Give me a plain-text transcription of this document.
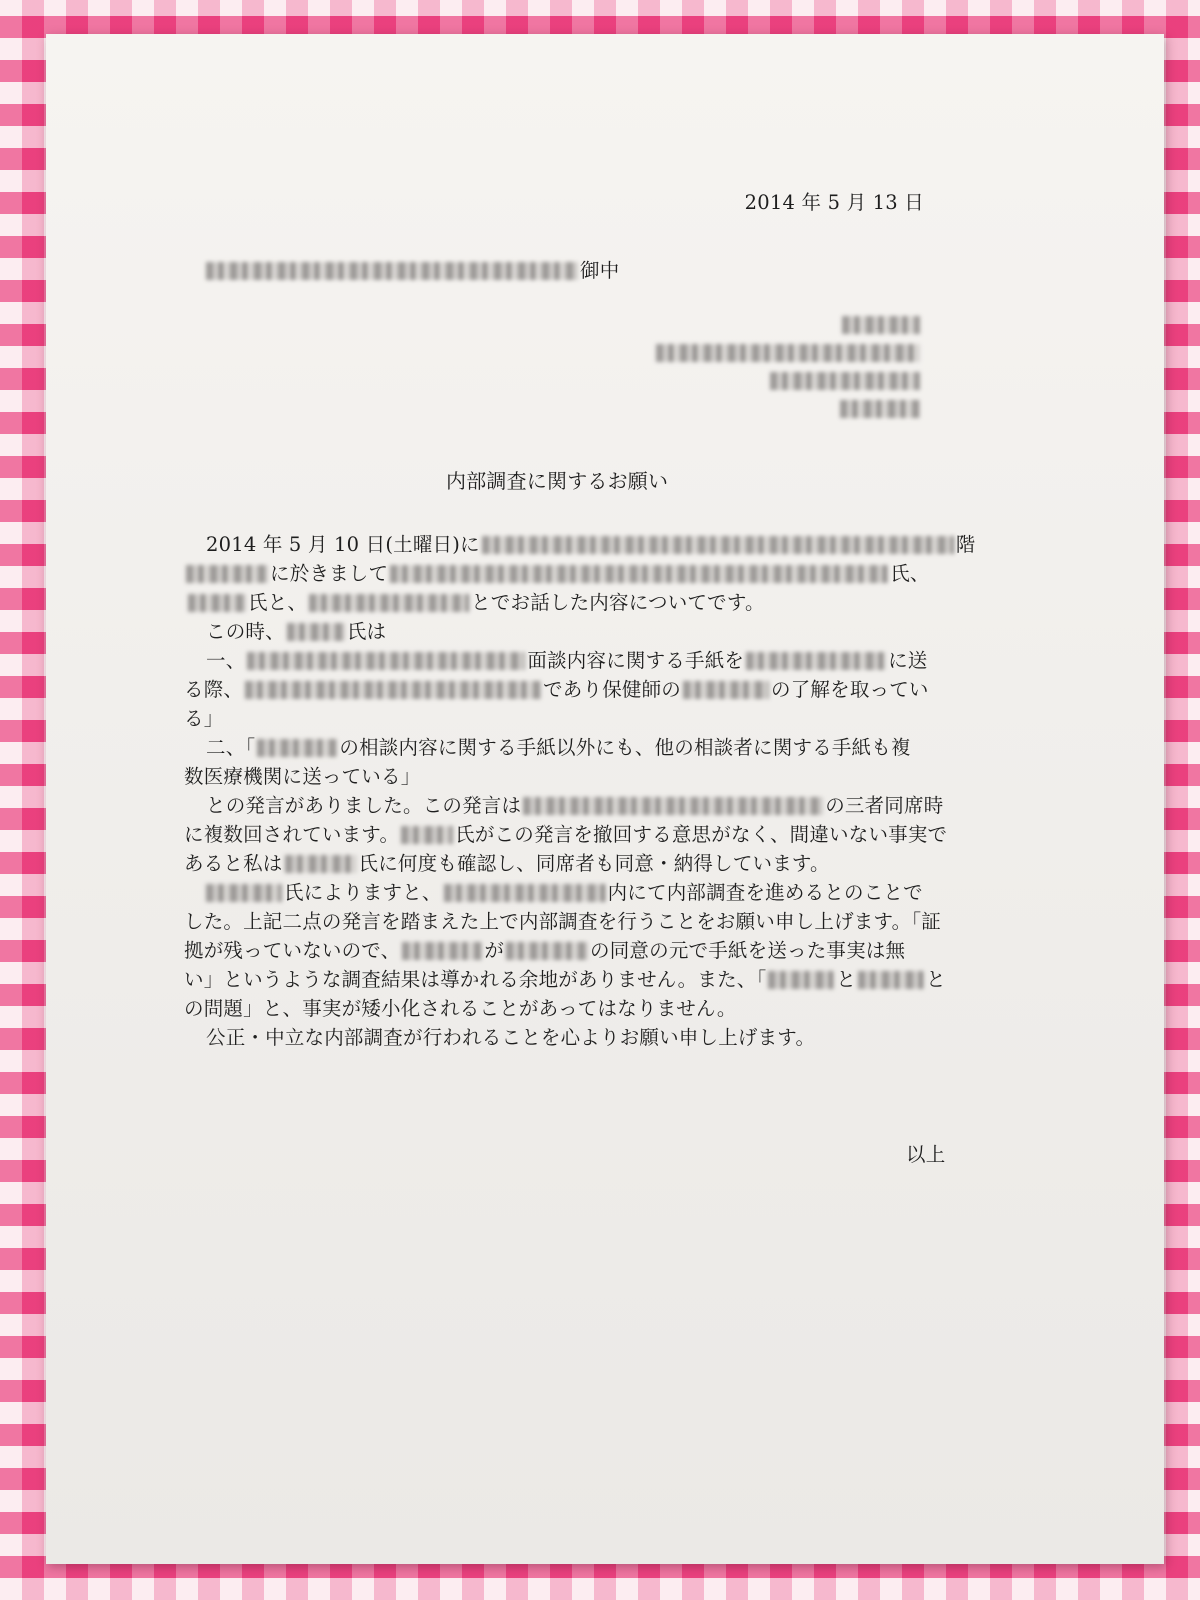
2014 年 5 月 13 日
御中
内部調査に関するお願い
2014 年 5 月 10 日(土曜日)に	階
に於きまして	氏、
氏と、	とでお話した内容についてです。
この時、	氏は
一、	面談内容に関する手紙を	に送
る際、	であり保健師の	の了解を取ってい
る」
二、「	の相談内容に関する手紙以外にも、他の相談者に関する手紙も複
数医療機関に送っている」
との発言がありました。この発言は	の三者同席時
に複数回されています。	氏がこの発言を撤回する意思がなく、間違いない事実で
あると私は	氏に何度も確認し、同席者も同意・納得しています。
氏によりますと、	内にて内部調査を進めるとのことで
した。上記二点の発言を踏まえた上で内部調査を行うことをお願い申し上げます。「証
拠が残っていないので、	が	の同意の元で手紙を送った事実は無
い」というような調査結果は導かれる余地がありません。また、「	と	と
の問題」と、事実が矮小化されることがあってはなりません。
公正・中立な内部調査が行われることを心よりお願い申し上げます。
以上
